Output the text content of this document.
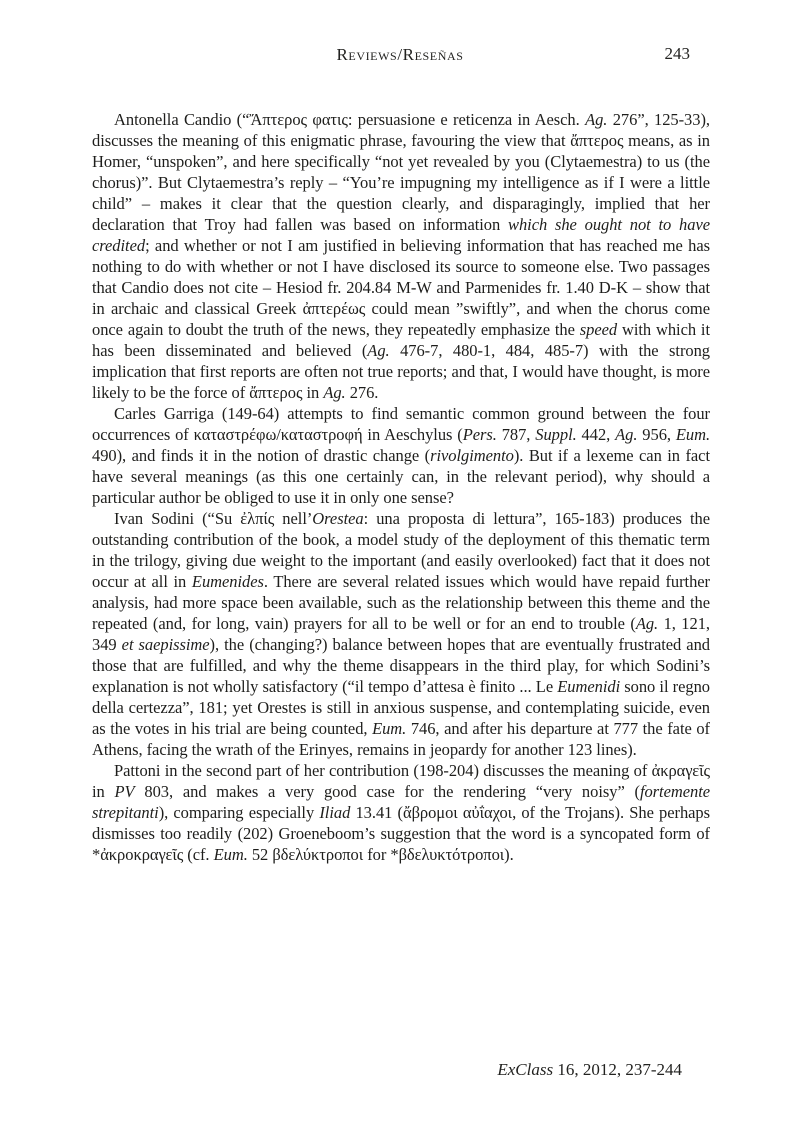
Reviews/Reseñas	243

Antonella Candio (“Ἄπτερος φατις: persuasione e reticenza in Aesch. Ag. 276”, 125-33), discusses the meaning of this enigmatic phrase, favouring the view that ἄπτερος means, as in Homer, “unspoken”, and here specifically “not yet revealed by you (Clytaemestra) to us (the chorus)”. But Clytaemestra’s reply – “You’re impugning my intelligence as if I were a little child” – makes it clear that the question clearly, and disparagingly, implied that her declaration that Troy had fallen was based on information which she ought not to have credited; and whether or not I am justified in believing information that has reached me has nothing to do with whether or not I have disclosed its source to someone else. Two passages that Candio does not cite – Hesiod fr. 204.84 M-W and Parmenides fr. 1.40 D-K – show that in archaic and classical Greek ἀπτερέως could mean ”swiftly”, and when the chorus come once again to doubt the truth of the news, they repeatedly emphasize the speed with which it has been disseminated and believed (Ag. 476-7, 480-1, 484, 485-7) with the strong implication that first reports are often not true reports; and that, I would have thought, is more likely to be the force of ἄπτερος in Ag. 276.

Carles Garriga (149-64) attempts to find semantic common ground between the four occurrences of καταστρέφω/καταστροφή in Aeschylus (Pers. 787, Suppl. 442, Ag. 956, Eum. 490), and finds it in the notion of drastic change (rivolgimento). But if a lexeme can in fact have several meanings (as this one certainly can, in the relevant period), why should a particular author be obliged to use it in only one sense?

Ivan Sodini (“Su ἐλπίς nell’Orestea: una proposta di lettura”, 165-183) produces the outstanding contribution of the book, a model study of the deployment of this thematic term in the trilogy, giving due weight to the important (and easily overlooked) fact that it does not occur at all in Eumenides. There are several related issues which would have repaid further analysis, had more space been available, such as the relationship between this theme and the repeated (and, for long, vain) prayers for all to be well or for an end to trouble (Ag. 1, 121, 349 et saepissime), the (changing?) balance between hopes that are eventually frustrated and those that are fulfilled, and why the theme disappears in the third play, for which Sodini’s explanation is not wholly satisfactory (“il tempo d’attesa è finito ... Le Eumenidi sono il regno della certezza”, 181; yet Orestes is still in anxious suspense, and contemplating suicide, even as the votes in his trial are being counted, Eum. 746, and after his departure at 777 the fate of Athens, facing the wrath of the Erinyes, remains in jeopardy for another 123 lines).

Pattoni in the second part of her contribution (198-204) discusses the meaning of ἀκραγεῖς in PV 803, and makes a very good case for the rendering “very noisy” (fortemente strepitanti), comparing especially Iliad 13.41 (ἄβρομοι αὐΐαχοι, of the Trojans). She perhaps dismisses too readily (202) Groeneboom’s suggestion that the word is a syncopated form of *ἀκροκραγεῖς (cf. Eum. 52 βδελύκτροποι for *βδελυκτότροποι).

ExClass 16, 2012, 237-244
